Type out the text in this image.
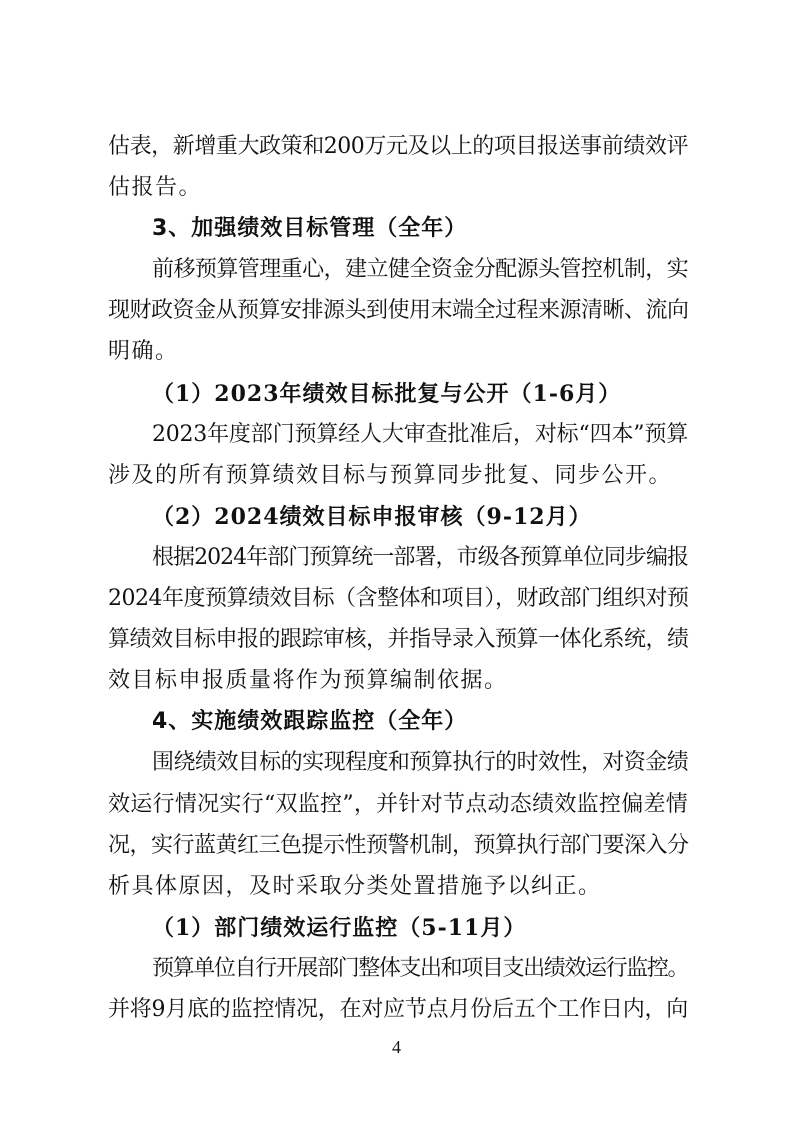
估表，新增重大政策和200万元及以上的项目报送事前绩效评
估报告。
3、加强绩效目标管理（全年）
前移预算管理重心，建立健全资金分配源头管控机制，实
现财政资金从预算安排源头到使用末端全过程来源清晰、流向
明确。
（1）2023年绩效目标批复与公开（1-6月）
2023年度部门预算经人大审查批准后，对标“四本”预算
涉及的所有预算绩效目标与预算同步批复、同步公开。
（2）2024绩效目标申报审核（9-12月）
根据2024年部门预算统一部署，市级各预算单位同步编报
2024年度预算绩效目标（含整体和项目），财政部门组织对预
算绩效目标申报的跟踪审核，并指导录入预算一体化系统，绩
效目标申报质量将作为预算编制依据。
4、实施绩效跟踪监控（全年）
围绕绩效目标的实现程度和预算执行的时效性，对资金绩
效运行情况实行“双监控”，并针对节点动态绩效监控偏差情
况，实行蓝黄红三色提示性预警机制，预算执行部门要深入分
析具体原因，及时采取分类处置措施予以纠正。
（1）部门绩效运行监控（5-11月）
预算单位自行开展部门整体支出和项目支出绩效运行监控。
并将9月底的监控情况，在对应节点月份后五个工作日内，向
4
